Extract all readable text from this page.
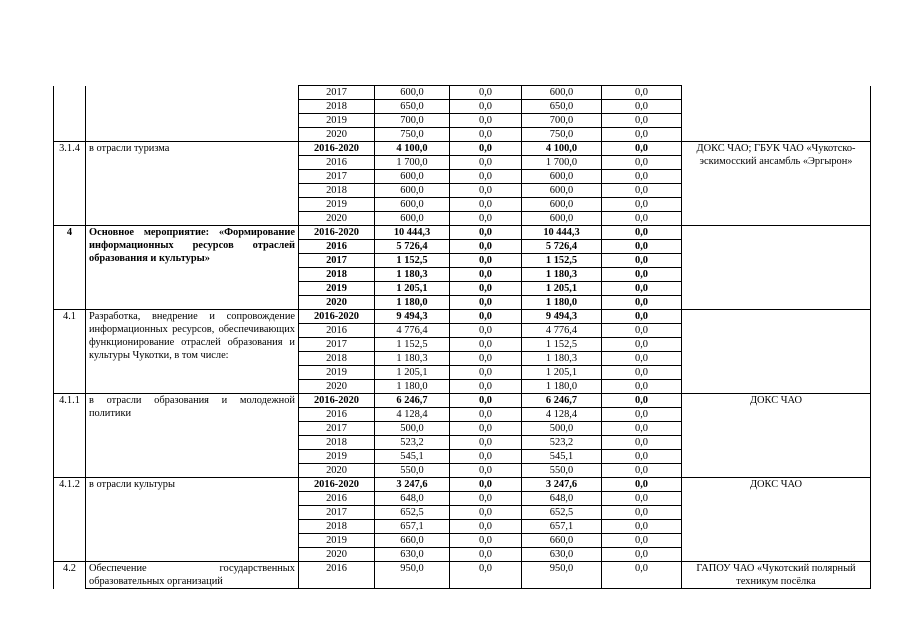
		2017	600,0	0,0	600,0	0,0	
		2018	650,0	0,0	650,0	0,0	
		2019	700,0	0,0	700,0	0,0	
		2020	750,0	0,0	750,0	0,0	
3.1.4	в отрасли туризма	2016-2020	4 100,0	0,0	4 100,0	0,0	ДОКС ЧАО; ГБУК ЧАО «Чукотско-эскимосский ансамбль «Эргырон»
		2016	1 700,0	0,0	1 700,0	0,0	
		2017	600,0	0,0	600,0	0,0	
		2018	600,0	0,0	600,0	0,0	
		2019	600,0	0,0	600,0	0,0	
		2020	600,0	0,0	600,0	0,0	
4	Основное мероприятие: «Формирование информационных ресурсов отраслей образования и культуры»	2016-2020	10 444,3	0,0	10 444,3	0,0	
		2016	5 726,4	0,0	5 726,4	0,0	
		2017	1 152,5	0,0	1 152,5	0,0	
		2018	1 180,3	0,0	1 180,3	0,0	
		2019	1 205,1	0,0	1 205,1	0,0	
		2020	1 180,0	0,0	1 180,0	0,0	
4.1	Разработка, внедрение и сопровождение информационных ресурсов, обеспечивающих функционирование отраслей образования и культуры Чукотки, в том числе:	2016-2020	9 494,3	0,0	9 494,3	0,0	
		2016	4 776,4	0,0	4 776,4	0,0	
		2017	1 152,5	0,0	1 152,5	0,0	
		2018	1 180,3	0,0	1 180,3	0,0	
		2019	1 205,1	0,0	1 205,1	0,0	
		2020	1 180,0	0,0	1 180,0	0,0	
4.1.1	в отрасли образования и молодежной политики	2016-2020	6 246,7	0,0	6 246,7	0,0	ДОКС ЧАО
		2016	4 128,4	0,0	4 128,4	0,0	
		2017	500,0	0,0	500,0	0,0	
		2018	523,2	0,0	523,2	0,0	
		2019	545,1	0,0	545,1	0,0	
		2020	550,0	0,0	550,0	0,0	
4.1.2	в отрасли культуры	2016-2020	3 247,6	0,0	3 247,6	0,0	ДОКС ЧАО
		2016	648,0	0,0	648,0	0,0	
		2017	652,5	0,0	652,5	0,0	
		2018	657,1	0,0	657,1	0,0	
		2019	660,0	0,0	660,0	0,0	
		2020	630,0	0,0	630,0	0,0	
4.2	Обеспечение государственных образовательных организаций	2016	950,0	0,0	950,0	0,0	ГАПОУ ЧАО «Чукотский полярный техникум посёлка
